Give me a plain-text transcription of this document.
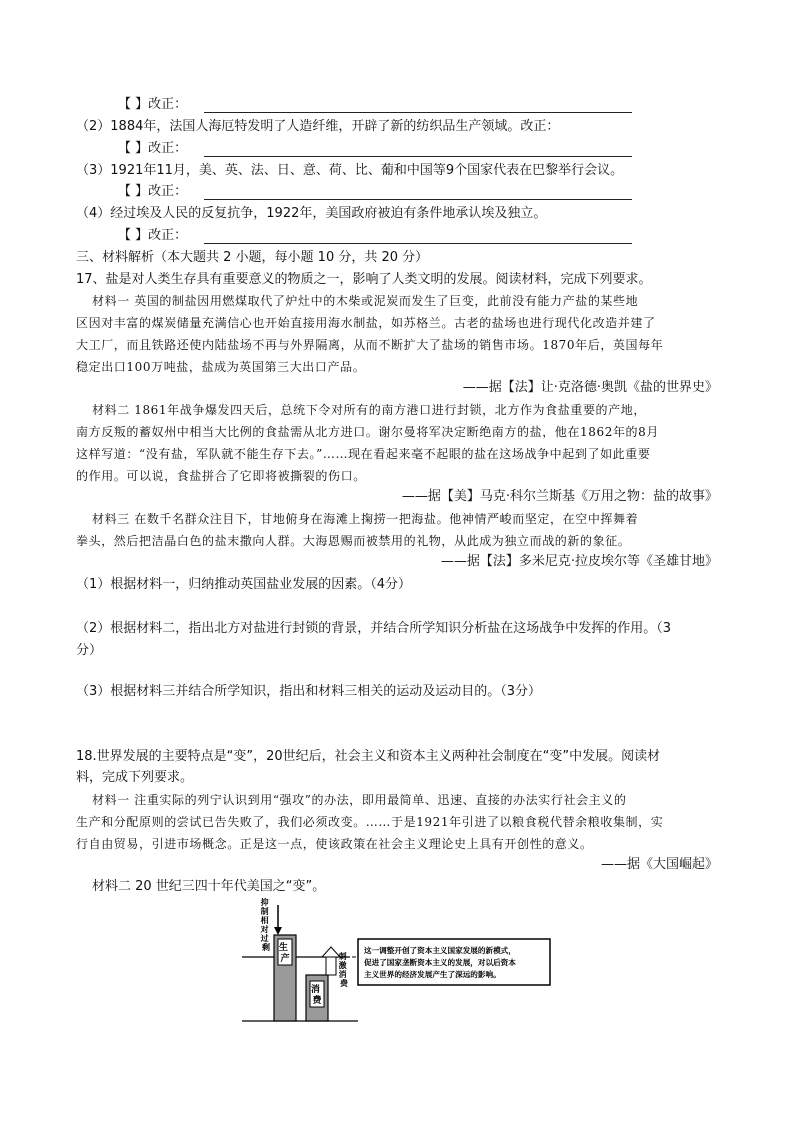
【 】改正：
（2）1884年，法国人海厄特发明了人造纤维，开辟了新的纺织品生产领域。改正：
【 】改正：
（3）1921年11月，美、英、法、日、意、荷、比、葡和中国等9个国家代表在巴黎举行会议。
【 】改正：
（4）经过埃及人民的反复抗争，1922年，美国政府被迫有条件地承认埃及独立。
【 】改正：
三、材料解析（本大题共 2 小题，每小题 10 分，共 20 分）
17、盐是对人类生存具有重要意义的物质之一，影响了人类文明的发展。阅读材料，完成下列要求。
材料一 英国的制盐因用燃煤取代了炉灶中的木柴或泥炭而发生了巨变，此前没有能力产盐的某些地
区因对丰富的煤炭储量充满信心也开始直接用海水制盐，如苏格兰。古老的盐场也进行现代化改造并建了
大工厂，而且铁路还使内陆盐场不再与外界隔离，从而不断扩大了盐场的销售市场。1870年后，英国每年
稳定出口100万吨盐，盐成为英国第三大出口产品。
——据【法】让·克洛德·奥凯《盐的世界史》
材料二 1861年战争爆发四天后，总统下令对所有的南方港口进行封锁，北方作为食盐重要的产地，
南方反叛的蓄奴州中相当大比例的食盐需从北方进口。谢尔曼将军决定断绝南方的盐，他在1862年的8月
这样写道：“没有盐，军队就不能生存下去。”……现在看起来毫不起眼的盐在这场战争中起到了如此重要
的作用。可以说，食盐拼合了它即将被撕裂的伤口。
——据【美】马克·科尔兰斯基《万用之物：盐的故事》
材料三 在数千名群众注目下，甘地俯身在海滩上掬捞一把海盐。他神情严峻而坚定，在空中挥舞着
拳头，然后把洁晶白色的盐末撒向人群。大海恩赐而被禁用的礼物，从此成为独立而战的新的象征。
——据【法】多米尼克·拉皮埃尔等《圣雄甘地》
（1）根据材料一，归纳推动英国盐业发展的因素。（4分）
（2）根据材料二，指出北方对盐进行封锁的背景，并结合所学知识分析盐在这场战争中发挥的作用。（3
分）
（3）根据材料三并结合所学知识，指出和材料三相关的运动及运动目的。（3分）
18.世界发展的主要特点是“变”，20世纪后，社会主义和资本主义两种社会制度在“变”中发展。阅读材
料，完成下列要求。
材料一 注重实际的列宁认识到用“强攻”的办法，即用最简单、迅速、直接的办法实行社会主义的
生产和分配原则的尝试已告失败了，我们必须改变。……于是1921年引进了以粮食税代替余粮收集制，实
行自由贸易，引进市场概念。正是这一点，使该政策在社会主义理论史上具有开创性的意义。
——据《大国崛起》
材料二 20 世纪三四十年代美国之“变”。
生 产
抑 制 相 对 过 剩
消 费
刺 激 消 费
这一调整开创了资本主义国家发展的新模式，
促进了国家垄断资本主义的发展，对以后资本
主义世界的经济发展产生了深远的影响。
